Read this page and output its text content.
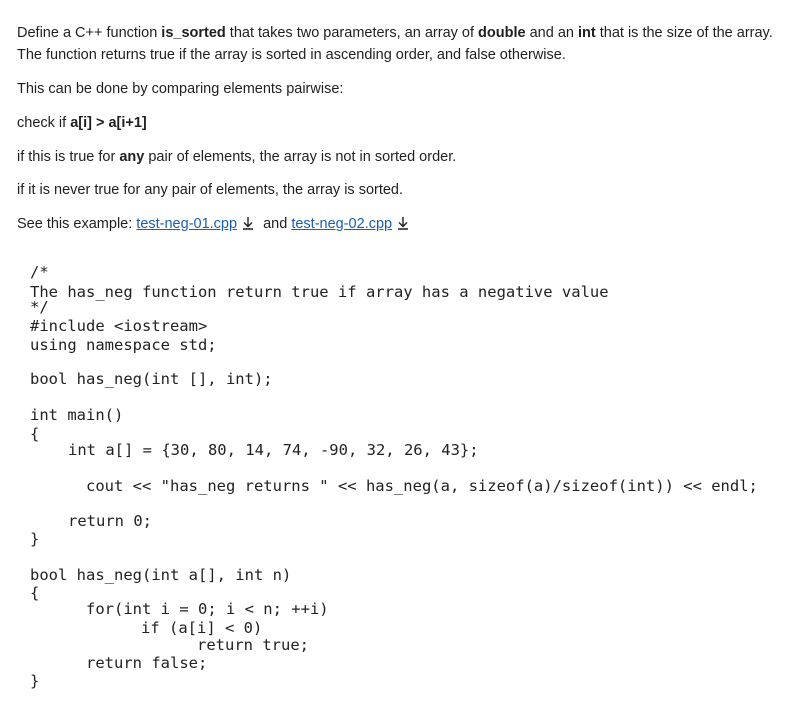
Define a C++ function is_sorted that takes two parameters, an array of double and an int that is the size of the array.
The function returns true if the array is sorted in ascending order, and false otherwise.
This can be done by comparing elements pairwise:
check if a[i] > a[i+1]
if this is true for any pair of elements, the array is not in sorted order.
if it is never true for any pair of elements, the array is sorted.
See this example: test-neg-01.cpp and test-neg-02.cpp
/*
The has_neg function return true if array has a negative value
*/
#include <iostream>
using namespace std;
bool has_neg(int [], int);
int main()
{
int a[] = {30, 80, 14, 74, -90, 32, 26, 43};
cout << "has_neg returns " << has_neg(a, sizeof(a)/sizeof(int)) << endl;
return 0;
}
bool has_neg(int a[], int n)
{
for(int i = 0; i < n; ++i)
if (a[i] < 0)
return true;
return false;
}
